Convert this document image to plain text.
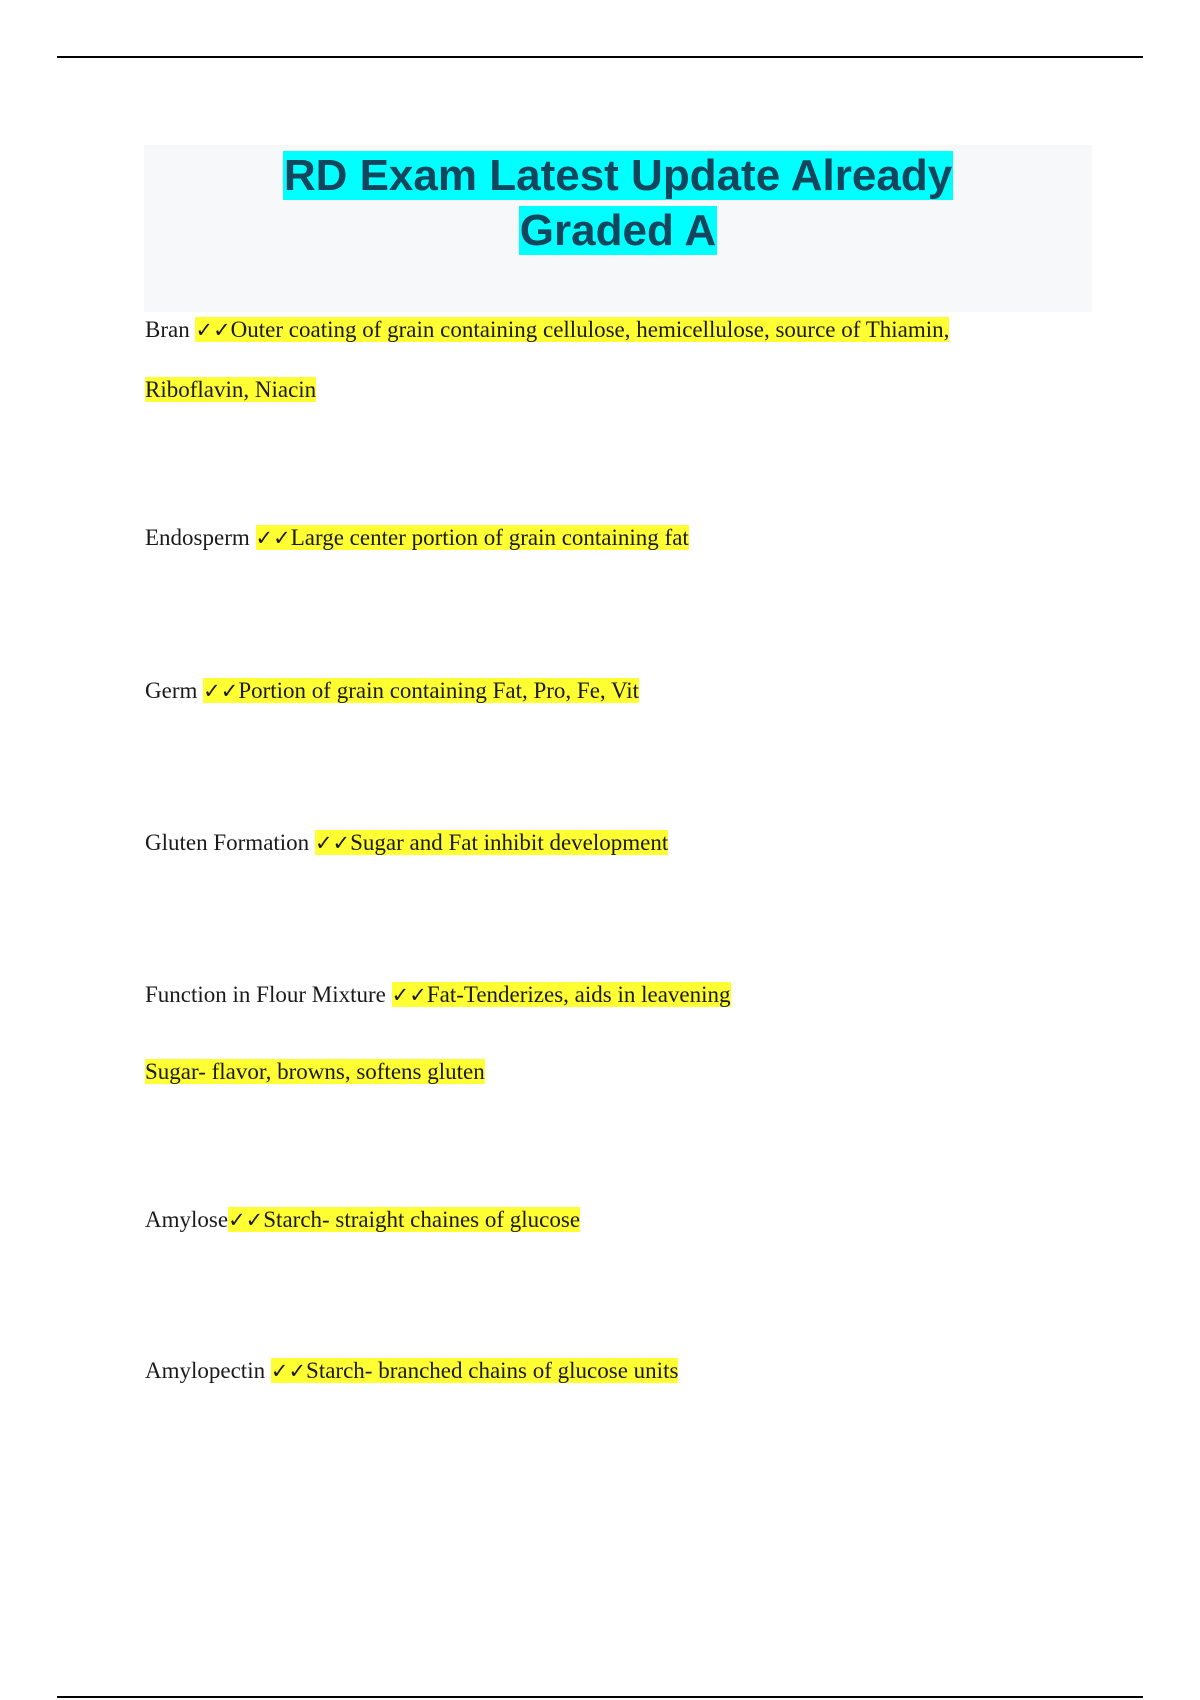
RD Exam Latest Update Already
Graded A

Bran ✓✓Outer coating of grain containing cellulose, hemicellulose, source of Thiamin,

Riboflavin, Niacin

Endosperm ✓✓Large center portion of grain containing fat

Germ ✓✓Portion of grain containing Fat, Pro, Fe, Vit

Gluten Formation ✓✓Sugar and Fat inhibit development

Function in Flour Mixture ✓✓Fat-Tenderizes, aids in leavening

Sugar- flavor, browns, softens gluten

Amylose✓✓Starch- straight chaines of glucose

Amylopectin ✓✓Starch- branched chains of glucose units
